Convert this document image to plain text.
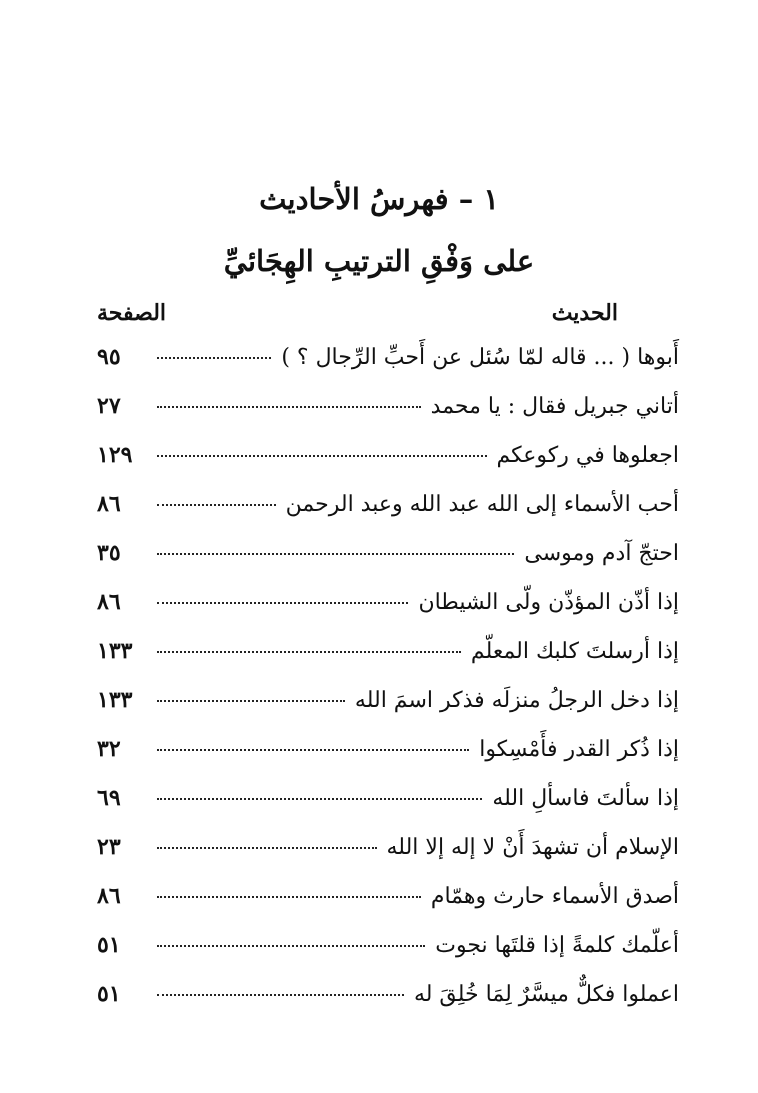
١ – فهرسُ الأحاديث
على وَفْقِ الترتيبِ الهِجَائيِّ
الحديث
الصفحة
أَبوها ( ... قاله لمّا سُئل عن أَحبِّ الرِّجال ؟ )
٩٥
أتاني جبريل فقال : يا محمد
٢٧
اجعلوها في ركوعكم
١٢٩
أحب الأسماء إلى الله عبد الله وعبد الرحمن
٨٦
احتجّ آدم وموسى
٣٥
إذا أذّن المؤذّن ولّى الشيطان
٨٦
إذا أرسلتَ كلبك المعلّم
١٣٣
إذا دخل الرجلُ منزلَه فذكر اسمَ الله
١٣٣
إذا ذُكر القدر فأَمْسِكوا
٣٢
إذا سألتَ فاسألِ الله
٦٩
الإسلام أن تشهدَ أَنْ لا إله إلا الله
٢٣
أصدق الأسماء حارث وهمّام
٨٦
أعلّمك كلمةً إذا قلتَها نجوت
٥١
اعملوا فكلٌّ ميسَّرٌ لِمَا خُلِقَ له
٥١
